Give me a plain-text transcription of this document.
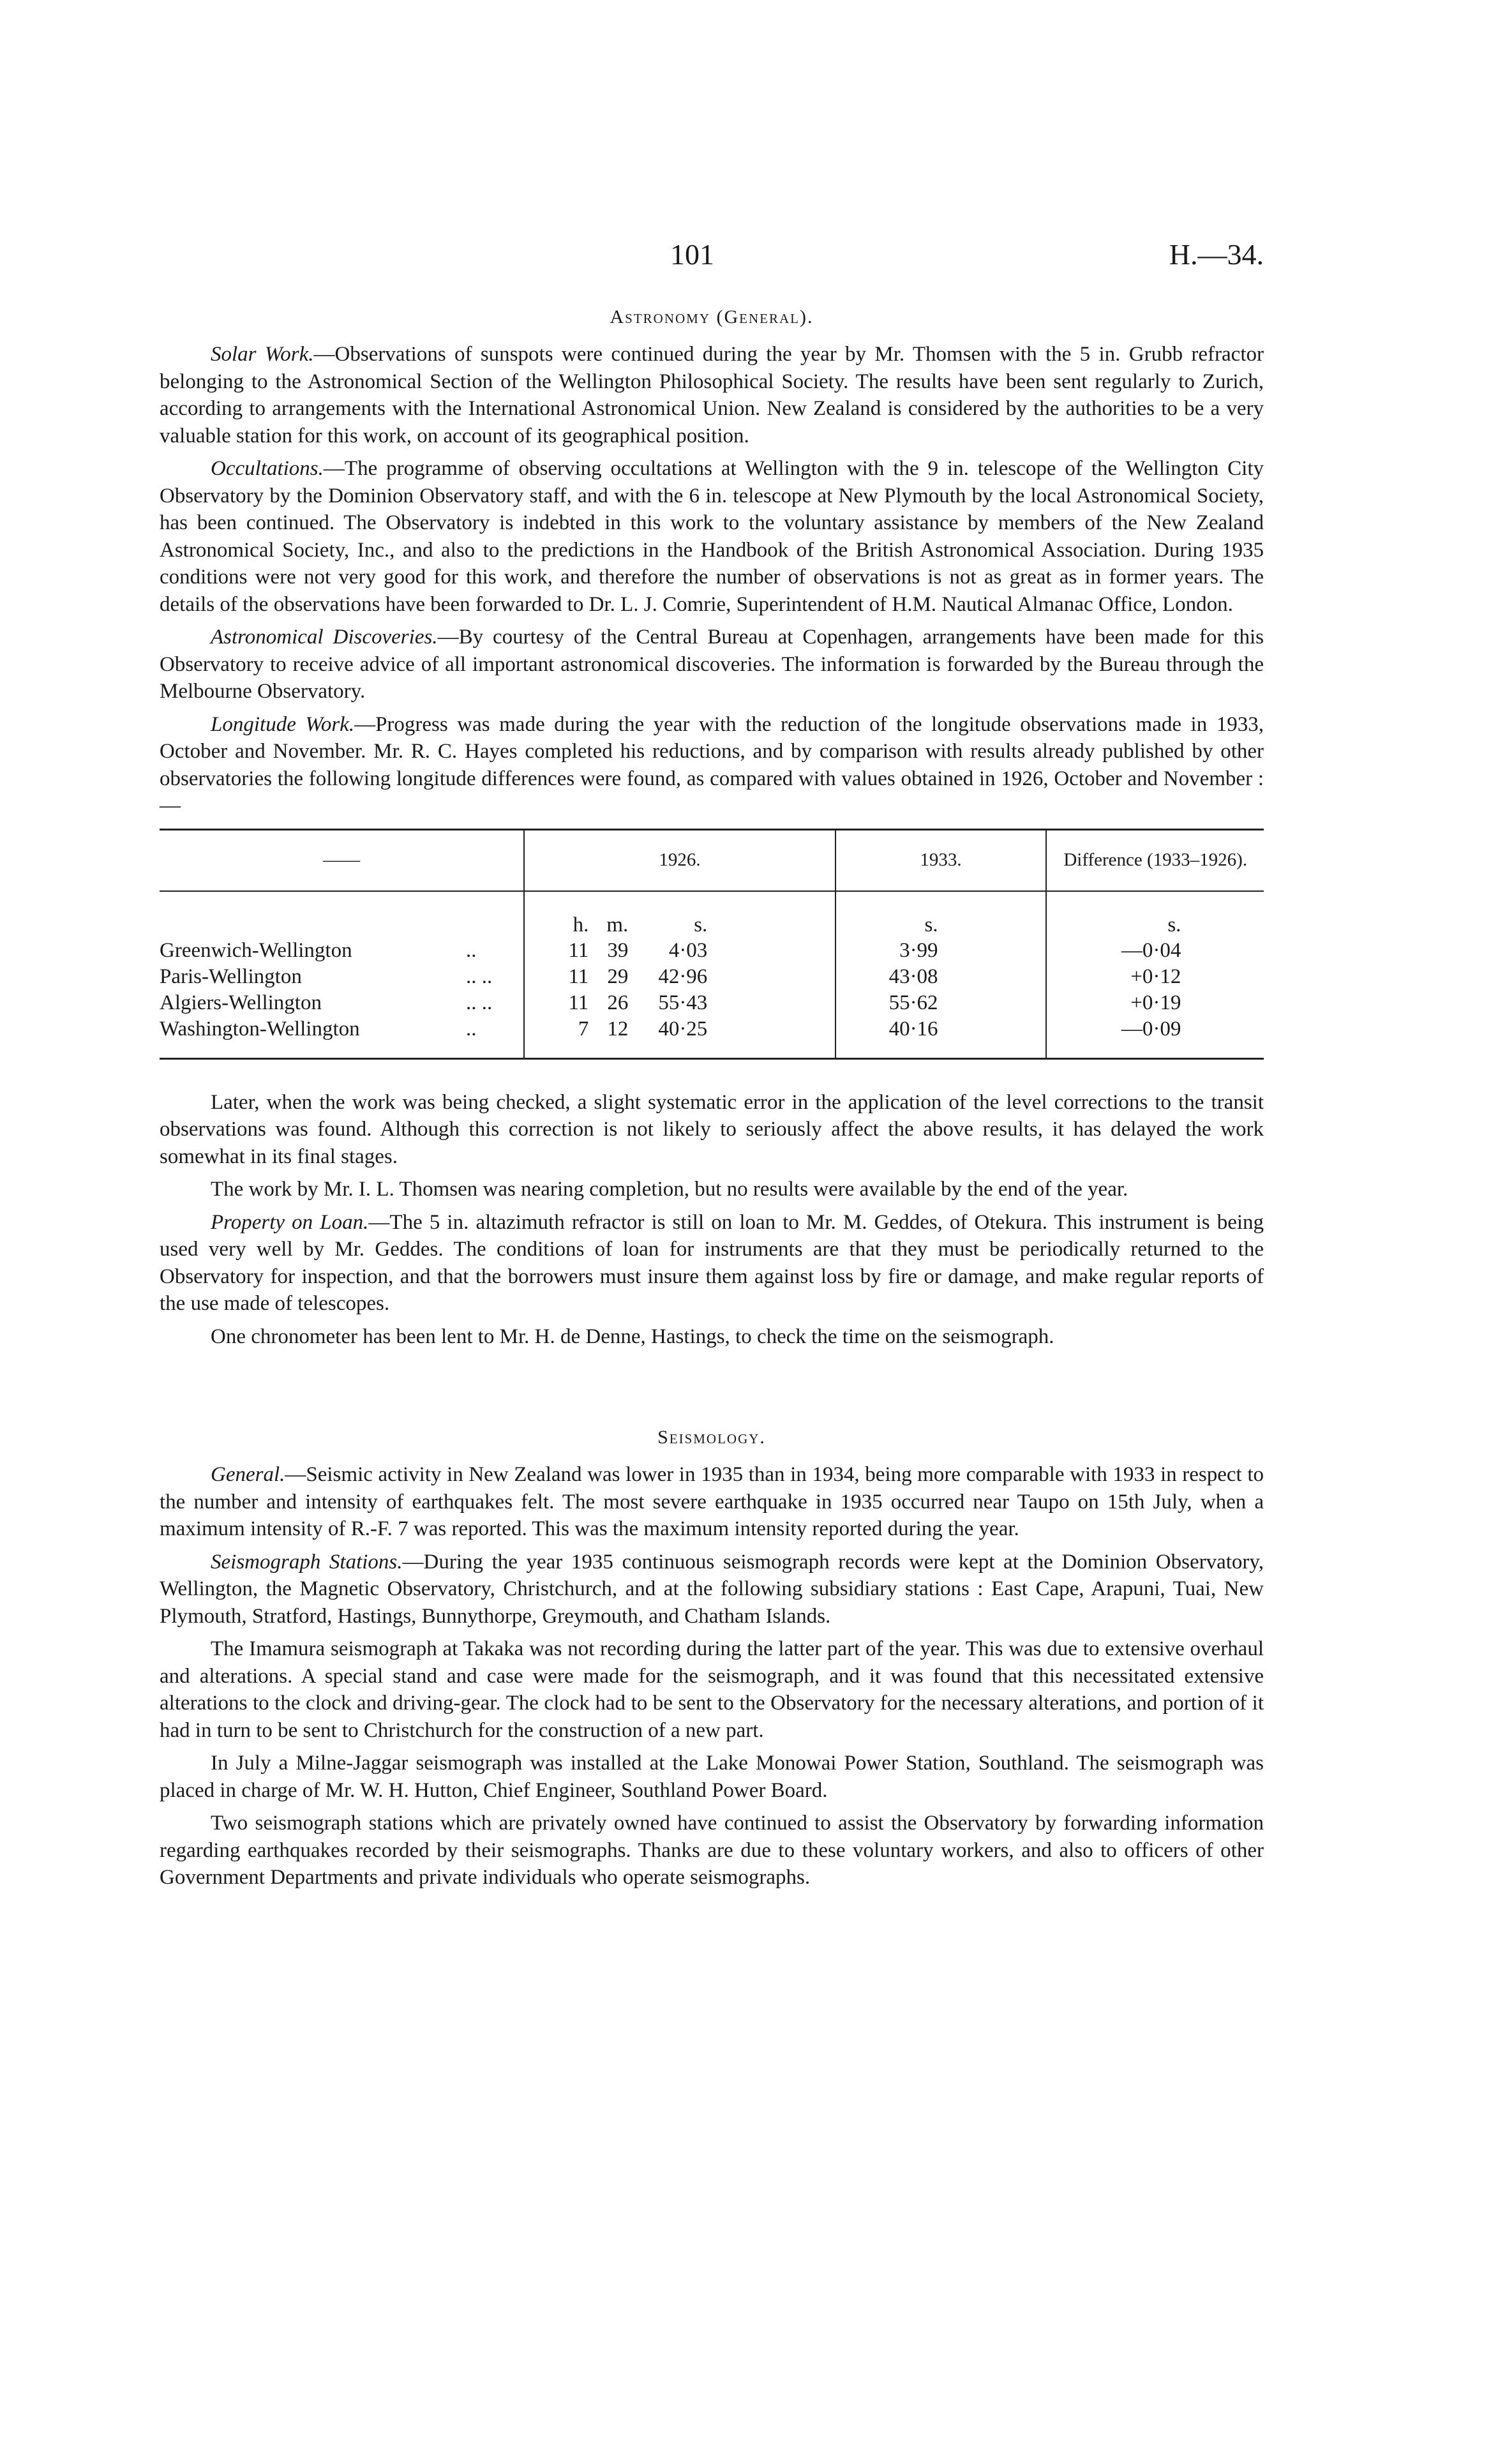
101	H.—34.
Astronomy (General).

Solar Work.—Observations of sunspots were continued during the year by Mr. Thomsen with the 5 in. Grubb refractor belonging to the Astronomical Section of the Wellington Philosophical Society. The results have been sent regularly to Zurich, according to arrangements with the International Astronomical Union. New Zealand is considered by the authorities to be a very valuable station for this work, on account of its geographical position.

Occultations.—The programme of observing occultations at Wellington with the 9 in. telescope of the Wellington City Observatory by the Dominion Observatory staff, and with the 6 in. telescope at New Plymouth by the local Astronomical Society, has been continued. The Observatory is indebted in this work to the voluntary assistance by members of the New Zealand Astronomical Society, Inc., and also to the predictions in the Handbook of the British Astronomical Association. During 1935 conditions were not very good for this work, and therefore the number of observations is not as great as in former years. The details of the observations have been forwarded to Dr. L. J. Comrie, Superintendent of H.M. Nautical Almanac Office, London.

Astronomical Discoveries.—By courtesy of the Central Bureau at Copenhagen, arrangements have been made for this Observatory to receive advice of all important astronomical discoveries. The information is forwarded by the Bureau through the Melbourne Observatory.

Longitude Work.—Progress was made during the year with the reduction of the longitude observations made in 1933, October and November. Mr. R. C. Hayes completed his reductions, and by comparison with results already published by other observatories the following longitude differences were found, as compared with values obtained in 1926, October and November :—

——	1926.	1933.	Difference (1933–1926).
	h. m. s.	s.	s.
Greenwich-Wellington ..	11 39 4·03	3·99	—0·04
Paris-Wellington .. ..	11 29 42·96	43·08	+0·12
Algiers-Wellington .. ..	11 26 55·43	55·62	+0·19
Washington-Wellington ..	7 12 40·25	40·16	—0·09

Later, when the work was being checked, a slight systematic error in the application of the level corrections to the transit observations was found. Although this correction is not likely to seriously affect the above results, it has delayed the work somewhat in its final stages.

The work by Mr. I. L. Thomsen was nearing completion, but no results were available by the end of the year.

Property on Loan.—The 5 in. altazimuth refractor is still on loan to Mr. M. Geddes, of Otekura. This instrument is being used very well by Mr. Geddes. The conditions of loan for instruments are that they must be periodically returned to the Observatory for inspection, and that the borrowers must insure them against loss by fire or damage, and make regular reports of the use made of telescopes.

One chronometer has been lent to Mr. H. de Denne, Hastings, to check the time on the seismograph.

Seismology.

General.—Seismic activity in New Zealand was lower in 1935 than in 1934, being more comparable with 1933 in respect to the number and intensity of earthquakes felt. The most severe earthquake in 1935 occurred near Taupo on 15th July, when a maximum intensity of R.-F. 7 was reported. This was the maximum intensity reported during the year.

Seismograph Stations.—During the year 1935 continuous seismograph records were kept at the Dominion Observatory, Wellington, the Magnetic Observatory, Christchurch, and at the following subsidiary stations : East Cape, Arapuni, Tuai, New Plymouth, Stratford, Hastings, Bunnythorpe, Greymouth, and Chatham Islands.

The Imamura seismograph at Takaka was not recording during the latter part of the year. This was due to extensive overhaul and alterations. A special stand and case were made for the seismograph, and it was found that this necessitated extensive alterations to the clock and driving-gear. The clock had to be sent to the Observatory for the necessary alterations, and portion of it had in turn to be sent to Christchurch for the construction of a new part.

In July a Milne-Jaggar seismograph was installed at the Lake Monowai Power Station, Southland. The seismograph was placed in charge of Mr. W. H. Hutton, Chief Engineer, Southland Power Board.

Two seismograph stations which are privately owned have continued to assist the Observatory by forwarding information regarding earthquakes recorded by their seismographs. Thanks are due to these voluntary workers, and also to officers of other Government Departments and private individuals who operate seismographs.
